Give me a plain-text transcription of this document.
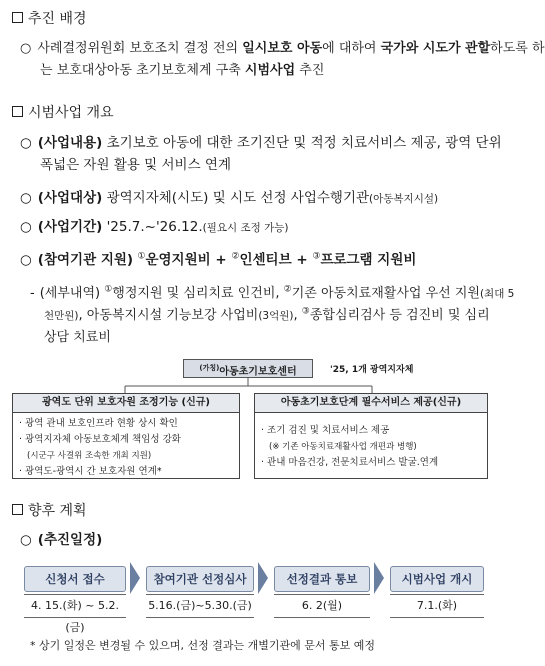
추진 배경
○ 사례결정위원회 보호조치 결정 전의 일시보호 아동에 대하여 국가와 시도가 관할하도록 하
는 보호대상아동 초기보호체계 구축 시범사업 추진
시범사업 개요
○ (사업내용) 초기보호 아동에 대한 조기진단 및 적정 치료서비스 제공, 광역 단위
폭넓은 자원 활용 및 서비스 연계
○ (사업대상) 광역지자체(시도) 및 시도 선정 사업수행기관(아동복지시설)
○ (사업기간) '25.7.~'26.12.(필요시 조정 가능)
○ (참여기관 지원) ①운영지원비 + ②인센티브 + ③프로그램 지원비
- (세부내역) ①행정지원 및 심리치료 인건비, ②기존 아동치료재활사업 우선 지원(최대 5
천만원), 아동복지시설 기능보강 사업비(3억원), ③종합심리검사 등 검진비 및 심리
상담 치료비
$^{(가칭)}$아동초기보호센터	'25, 1개 광역지자체
광역도 단위 보호자원 조정기능 (신규)
· 광역 관내 보호인프라 현황 상시 확인
· 광역지자체 아동보호체계 책임성 강화
(시군구 사결위 조속한 개최 지원)
· 광역도-광역시 간 보호자원 연계*
아동초기보호단계 필수서비스 제공(신규)
· 조기 검진 및 치료서비스 제공
(※ 기존 아동치료재활사업 개편과 병행)
· 관내 마음건강, 전문치료서비스 발굴.연계
향후 계획
○ (추진일정)
신청서 접수
4. 15.(화) ~ 5.2.(금)
참여기관 선정심사
5.16.(금)~5.30.(금)
선정결과 통보
6. 2(월)
시범사업 개시
7.1.(화)
* 상기 일정은 변경될 수 있으며, 선정 결과는 개별기관에 문서 통보 예정
